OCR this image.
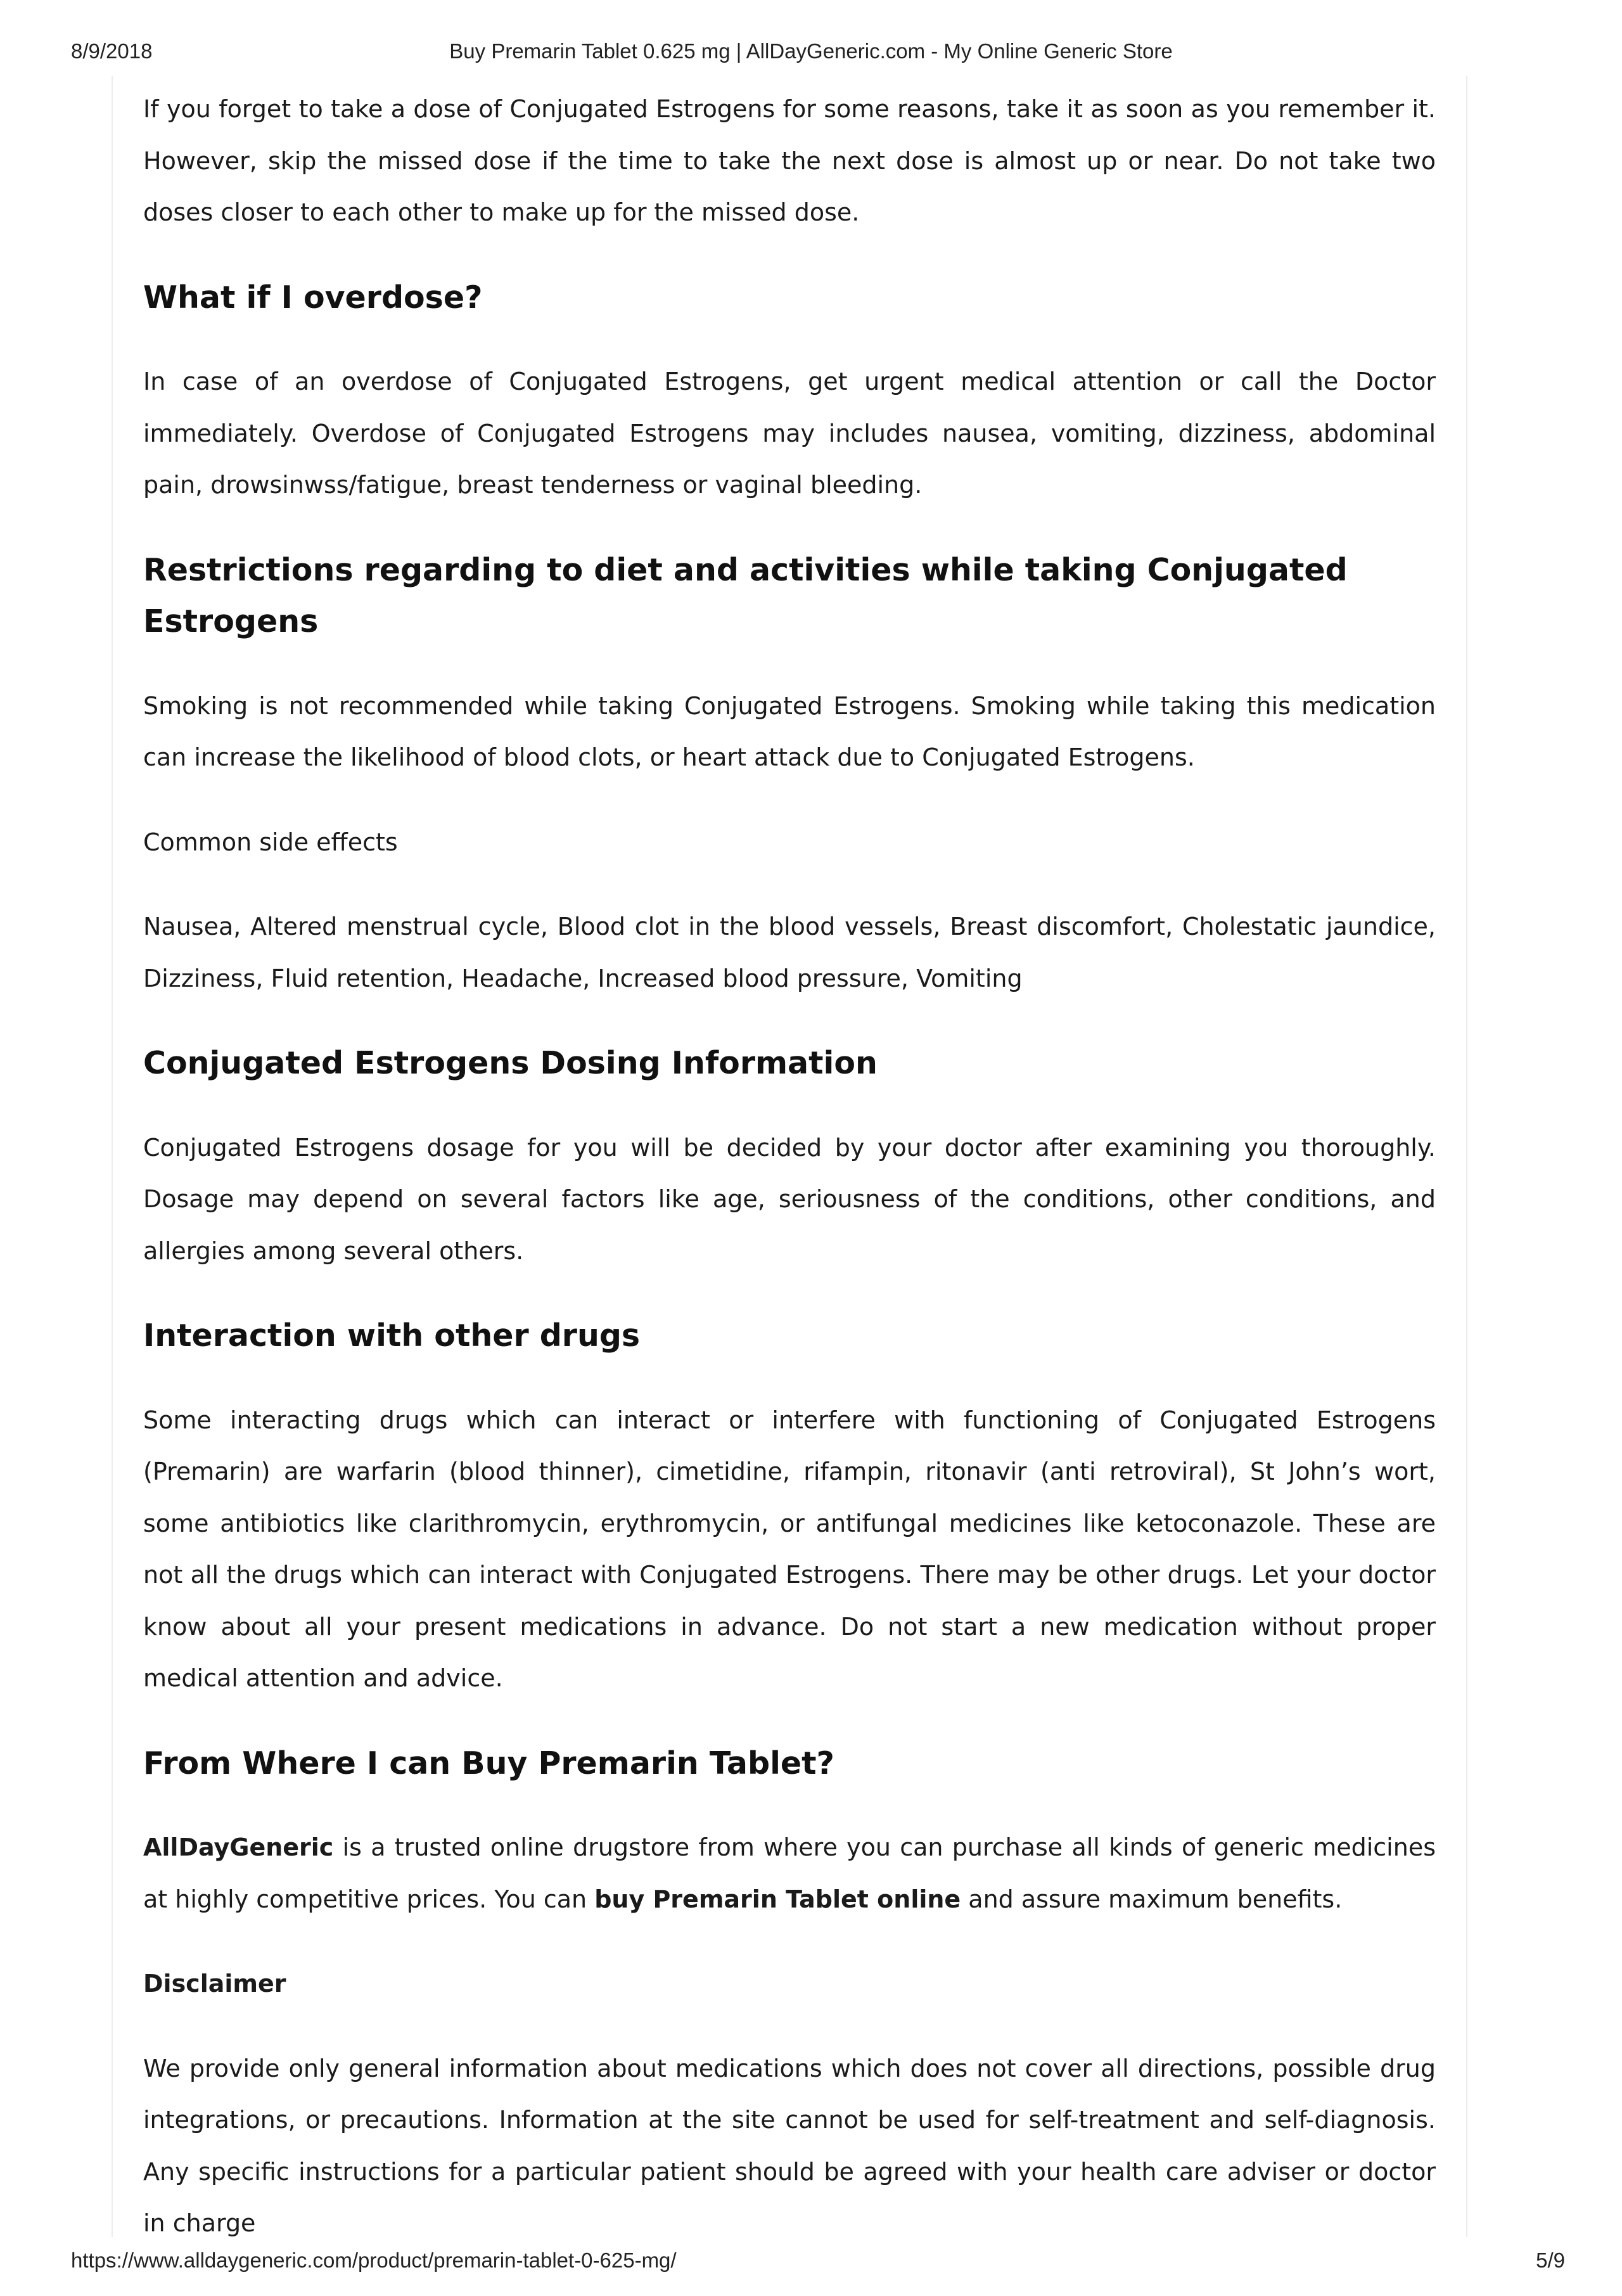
8/9/2018	Buy Premarin Tablet 0.625 mg | AllDayGeneric.com - My Online Generic Store

If you forget to take a dose of Conjugated Estrogens for some reasons, take it as soon as you remember it. However, skip the missed dose if the time to take the next dose is almost up or near. Do not take two doses closer to each other to make up for the missed dose.

What if I overdose?

In case of an overdose of Conjugated Estrogens, get urgent medical attention or call the Doctor immediately. Overdose of Conjugated Estrogens may includes nausea, vomiting, dizziness, abdominal pain, drowsinwss/fatigue, breast tenderness or vaginal bleeding.

Restrictions regarding to diet and activities while taking Conjugated Estrogens

Smoking is not recommended while taking Conjugated Estrogens. Smoking while taking this medication can increase the likelihood of blood clots, or heart attack due to Conjugated Estrogens.

Common side effects

Nausea, Altered menstrual cycle, Blood clot in the blood vessels, Breast discomfort, Cholestatic jaundice, Dizziness, Fluid retention, Headache, Increased blood pressure, Vomiting

Conjugated Estrogens Dosing Information

Conjugated Estrogens dosage for you will be decided by your doctor after examining you thoroughly. Dosage may depend on several factors like age, seriousness of the conditions, other conditions, and allergies among several others.

Interaction with other drugs

Some interacting drugs which can interact or interfere with functioning of Conjugated Estrogens (Premarin) are warfarin (blood thinner), cimetidine, rifampin, ritonavir (anti retroviral), St John’s wort, some antibiotics like clarithromycin, erythromycin, or antifungal medicines like ketoconazole. These are not all the drugs which can interact with Conjugated Estrogens. There may be other drugs. Let your doctor know about all your present medications in advance. Do not start a new medication without proper medical attention and advice.

From Where I can Buy Premarin Tablet?

AllDayGeneric is a trusted online drugstore from where you can purchase all kinds of generic medicines at highly competitive prices. You can buy Premarin Tablet online and assure maximum benefits.

Disclaimer

We provide only general information about medications which does not cover all directions, possible drug integrations, or precautions. Information at the site cannot be used for self-treatment and self-diagnosis. Any specific instructions for a particular patient should be agreed with your health care adviser or doctor in charge

https://www.alldaygeneric.com/product/premarin-tablet-0-625-mg/	5/9
